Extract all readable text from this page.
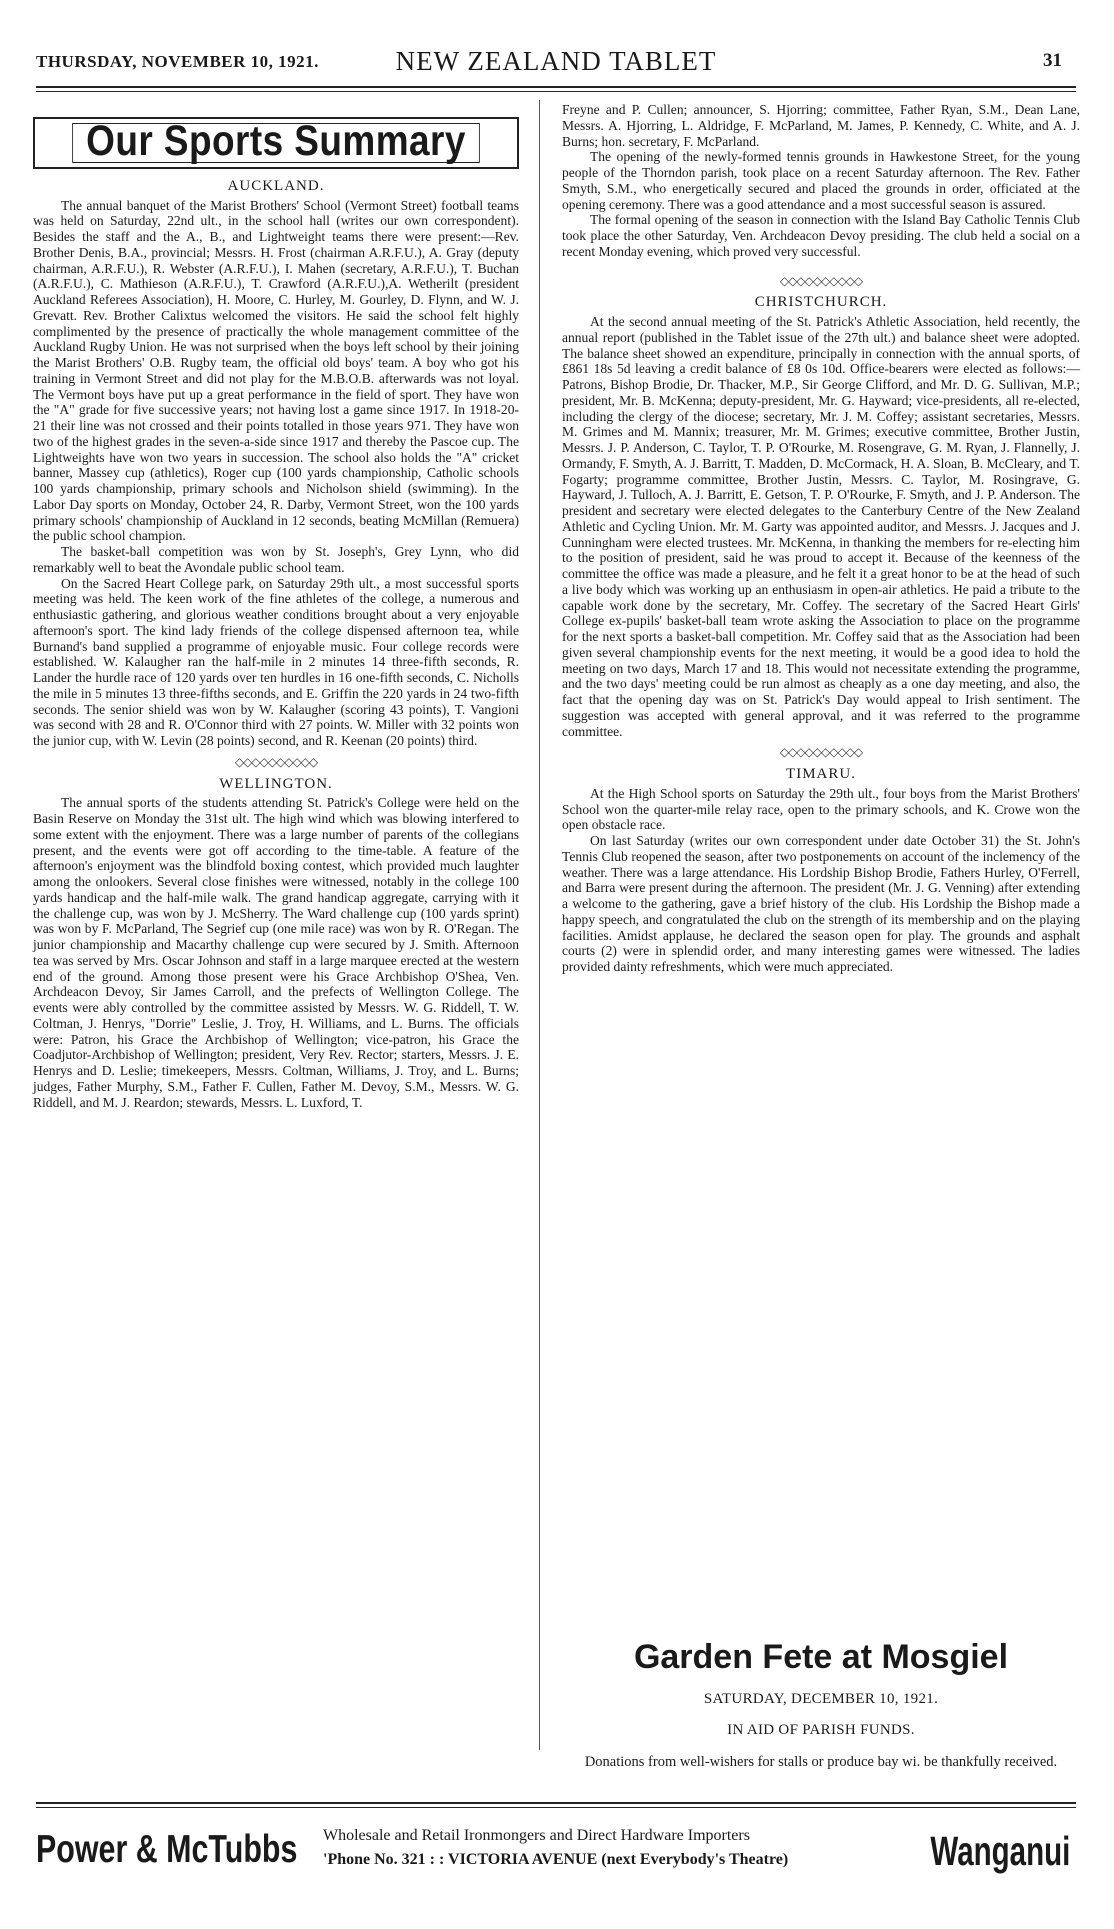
THURSDAY, NOVEMBER 10, 1921.	NEW ZEALAND TABLET	31
Our Sports Summary
AUCKLAND.

The annual banquet of the Marist Brothers' School (Vermont Street) football teams was held on Saturday, 22nd ult., in the school hall (writes our own correspondent). Besides the staff and the A., B., and Lightweight teams there were present:—Rev. Brother Denis, B.A., provincial; Messrs. H. Frost (chairman A.R.F.U.), A. Gray (deputy chairman, A.R.F.U.), R. Webster (A.R.F.U.), I. Mahen (secretary, A.R.F.U.), T. Buchan (A.R.F.U.), C. Mathieson (A.R.F.U.), T. Crawford (A.R.F.U.),A. Wetherilt (president Auckland Referees Association), H. Moore, C. Hurley, M. Gourley, D. Flynn, and W. J. Grevatt. Rev. Brother Calixtus welcomed the visitors. He said the school felt highly complimented by the presence of practically the whole management committee of the Auckland Rugby Union. He was not surprised when the boys left school by their joining the Marist Brothers' O.B. Rugby team, the official old boys' team. A boy who got his training in Vermont Street and did not play for the M.B.O.B. afterwards was not loyal. The Vermont boys have put up a great performance in the field of sport. They have won the "A" grade for five successive years; not having lost a game since 1917. In 1918-20-21 their line was not crossed and their points totalled in those years 971. They have won two of the highest grades in the seven-a-side since 1917 and thereby the Pascoe cup. The Lightweights have won two years in succession. The school also holds the "A" cricket banner, Massey cup (athletics), Roger cup (100 yards championship, Catholic schools 100 yards championship, primary schools and Nicholson shield (swimming). In the Labor Day sports on Monday, October 24, R. Darby, Vermont Street, won the 100 yards primary schools' championship of Auckland in 12 seconds, beating McMillan (Remuera) the public school champion.

The basket-ball competition was won by St. Joseph's, Grey Lynn, who did remarkably well to beat the Avondale public school team.

On the Sacred Heart College park, on Saturday 29th ult., a most successful sports meeting was held. The keen work of the fine athletes of the college, a numerous and enthusiastic gathering, and glorious weather conditions brought about a very enjoyable afternoon's sport. The kind lady friends of the college dispensed afternoon tea, while Burnand's band supplied a programme of enjoyable music. Four college records were established. W. Kalaugher ran the half-mile in 2 minutes 14 three-fifth seconds, R. Lander the hurdle race of 120 yards over ten hurdles in 16 one-fifth seconds, C. Nicholls the mile in 5 minutes 13 three-fifths seconds, and E. Griffin the 220 yards in 24 two-fifth seconds. The senior shield was won by W. Kalaugher (scoring 43 points), T. Vangioni was second with 28 and R. O'Connor third with 27 points. W. Miller with 32 points won the junior cup, with W. Levin (28 points) second, and R. Keenan (20 points) third.

◇◇◇◇◇◇◇◇◇◇
WELLINGTON.

The annual sports of the students attending St. Patrick's College were held on the Basin Reserve on Monday the 31st ult. The high wind which was blowing interfered to some extent with the enjoyment. There was a large number of parents of the collegians present, and the events were got off according to the time-table. A feature of the afternoon's enjoyment was the blindfold boxing contest, which provided much laughter among the onlookers. Several close finishes were witnessed, notably in the college 100 yards handicap and the half-mile walk. The grand handicap aggregate, carrying with it the challenge cup, was won by J. McSherry. The Ward challenge cup (100 yards sprint) was won by F. McParland, The Segrief cup (one mile race) was won by R. O'Regan. The junior championship and Macarthy challenge cup were secured by J. Smith. Afternoon tea was served by Mrs. Oscar Johnson and staff in a large marquee erected at the western end of the ground. Among those present were his Grace Archbishop O'Shea, Ven. Archdeacon Devoy, Sir James Carroll, and the prefects of Wellington College. The events were ably controlled by the committee assisted by Messrs. W. G. Riddell, T. W. Coltman, J. Henrys, "Dorrie" Leslie, J. Troy, H. Williams, and L. Burns. The officials were: Patron, his Grace the Archbishop of Wellington; vice-patron, his Grace the Coadjutor-Archbishop of Wellington; president, Very Rev. Rector; starters, Messrs. J. E. Henrys and D. Leslie; timekeepers, Messrs. Coltman, Williams, J. Troy, and L. Burns; judges, Father Murphy, S.M., Father F. Cullen, Father M. Devoy, S.M., Messrs. W. G. Riddell, and M. J. Reardon; stewards, Messrs. L. Luxford, T.

Freyne and P. Cullen; announcer, S. Hjorring; committee, Father Ryan, S.M., Dean Lane, Messrs. A. Hjorring, L. Aldridge, F. McParland, M. James, P. Kennedy, C. White, and A. J. Burns; hon. secretary, F. McParland.

The opening of the newly-formed tennis grounds in Hawkestone Street, for the young people of the Thorndon parish, took place on a recent Saturday afternoon. The Rev. Father Smyth, S.M., who energetically secured and placed the grounds in order, officiated at the opening ceremony. There was a good attendance and a most successful season is assured.

The formal opening of the season in connection with the Island Bay Catholic Tennis Club took place the other Saturday, Ven. Archdeacon Devoy presiding. The club held a social on a recent Monday evening, which proved very successful.

◇◇◇◇◇◇◇◇◇◇
CHRISTCHURCH.

At the second annual meeting of the St. Patrick's Athletic Association, held recently, the annual report (published in the Tablet issue of the 27th ult.) and balance sheet were adopted. The balance sheet showed an expenditure, principally in connection with the annual sports, of £861 18s 5d leaving a credit balance of £8 0s 10d. Office-bearers were elected as follows:—Patrons, Bishop Brodie, Dr. Thacker, M.P., Sir George Clifford, and Mr. D. G. Sullivan, M.P.; president, Mr. B. McKenna; deputy-president, Mr. G. Hayward; vice-presidents, all re-elected, including the clergy of the diocese; secretary, Mr. J. M. Coffey; assistant secretaries, Messrs. M. Grimes and M. Mannix; treasurer, Mr. M. Grimes; executive committee, Brother Justin, Messrs. J. P. Anderson, C. Taylor, T. P. O'Rourke, M. Rosengrave, G. M. Ryan, J. Flannelly, J. Ormandy, F. Smyth, A. J. Barritt, T. Madden, D. McCormack, H. A. Sloan, B. McCleary, and T. Fogarty; programme committee, Brother Justin, Messrs. C. Taylor, M. Rosingrave, G. Hayward, J. Tulloch, A. J. Barritt, E. Getson, T. P. O'Rourke, F. Smyth, and J. P. Anderson. The president and secretary were elected delegates to the Canterbury Centre of the New Zealand Athletic and Cycling Union. Mr. M. Garty was appointed auditor, and Messrs. J. Jacques and J. Cunningham were elected trustees. Mr. McKenna, in thanking the members for re-electing him to the position of president, said he was proud to accept it. Because of the keenness of the committee the office was made a pleasure, and he felt it a great honor to be at the head of such a live body which was working up an enthusiasm in open-air athletics. He paid a tribute to the capable work done by the secretary, Mr. Coffey. The secretary of the Sacred Heart Girls' College ex-pupils' basket-ball team wrote asking the Association to place on the programme for the next sports a basket-ball competition. Mr. Coffey said that as the Association had been given several championship events for the next meeting, it would be a good idea to hold the meeting on two days, March 17 and 18. This would not necessitate extending the programme, and the two days' meeting could be run almost as cheaply as a one day meeting, and also, the fact that the opening day was on St. Patrick's Day would appeal to Irish sentiment. The suggestion was accepted with general approval, and it was referred to the programme committee.

◇◇◇◇◇◇◇◇◇◇
TIMARU.

At the High School sports on Saturday the 29th ult., four boys from the Marist Brothers' School won the quarter-mile relay race, open to the primary schools, and K. Crowe won the open obstacle race.

On last Saturday (writes our own correspondent under date October 31) the St. John's Tennis Club reopened the season, after two postponements on account of the inclemency of the weather. There was a large attendance. His Lordship Bishop Brodie, Fathers Hurley, O'Ferrell, and Barra were present during the afternoon. The president (Mr. J. G. Venning) after extending a welcome to the gathering, gave a brief history of the club. His Lordship the Bishop made a happy speech, and congratulated the club on the strength of its membership and on the playing facilities. Amidst applause, he declared the season open for play. The grounds and asphalt courts (2) were in splendid order, and many interesting games were witnessed. The ladies provided dainty refreshments, which were much appreciated.

Garden Fete at Mosgiel
SATURDAY, DECEMBER 10, 1921.
IN AID OF PARISH FUNDS.
Donations from well-wishers for stalls or produce bay wi. be thankfully received.
Power & McTubbs Wholesale and Retail Ironmongers and Direct Hardware Importers
'Phone No. 321 : : VICTORIA AVENUE (next Everybody's Theatre)	Wanganui
